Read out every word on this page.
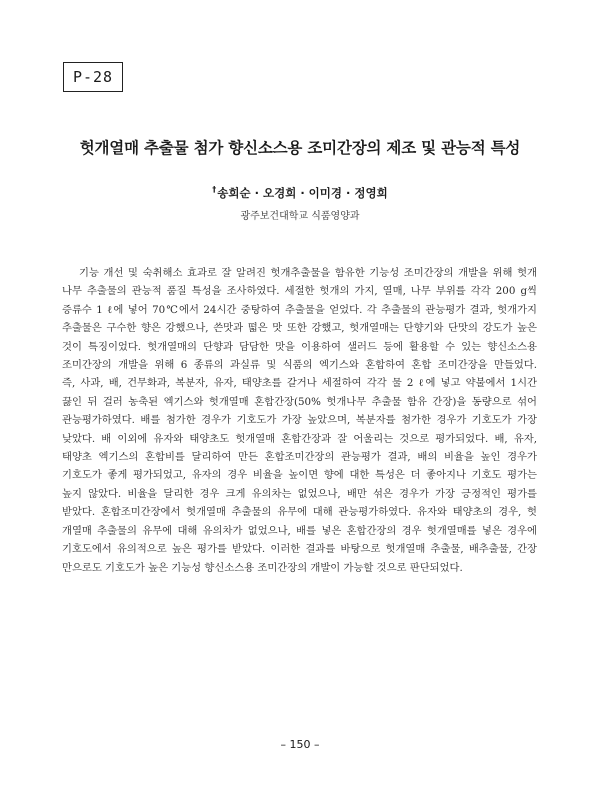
P-28
헛개열매 추출물 첨가 향신소스용 조미간장의 제조 및 관능적 특성
†송희순 · 오경희 · 이미경 · 정영희
광주보건대학교 식품영양과
기능 개선 및 숙취해소 효과로 잘 알려진 헛개추출물을 함유한 기능성 조미간장의 개발을 위해 헛개
나무 추출물의 관능적 품질 특성을 조사하였다. 세절한 헛개의 가지, 열매, 나무 부위를 각각 200 g씩
증류수 1 ℓ에 넣어 70℃에서 24시간 중탕하여 추출물을 얻었다. 각 추출물의 관능평가 결과, 헛개가지
추출물은 구수한 향은 강했으나, 쓴맛과 떫은 맛 또한 강했고, 헛개열매는 단향기와 단맛의 강도가 높은
것이 특징이었다. 헛개열매의 단향과 담담한 맛을 이용하여 샐러드 등에 활용할 수 있는 향신소스용
조미간장의 개발을 위해 6 종류의 과실류 및 식품의 엑기스와 혼합하여 혼합 조미간장을 만들었다.
즉, 사과, 배, 건무화과, 복분자, 유자, 태양초를 갈거나 세절하여 각각 물 2 ℓ에 넣고 약불에서 1시간
끓인 뒤 걸러 농축된 엑기스와 헛개열매 혼합간장(50% 헛개나무 추출물 함유 간장)을 동량으로 섞어
관능평가하였다. 배를 첨가한 경우가 기호도가 가장 높았으며, 복분자를 첨가한 경우가 기호도가 가장
낮았다. 배 이외에 유자와 태양초도 헛개열매 혼합간장과 잘 어울리는 것으로 평가되었다. 배, 유자,
태양초 엑기스의 혼합비를 달리하여 만든 혼합조미간장의 관능평가 결과, 배의 비율을 높인 경우가
기호도가 좋게 평가되었고, 유자의 경우 비율을 높이면 향에 대한 특성은 더 좋아지나 기호도 평가는
높지 않았다. 비율을 달리한 경우 크게 유의차는 없었으나, 배만 섞은 경우가 가장 긍정적인 평가를
받았다. 혼합조미간장에서 헛개열매 추출물의 유무에 대해 관능평가하였다. 유자와 태양초의 경우, 헛
개열매 추출물의 유무에 대해 유의차가 없었으나, 배를 넣은 혼합간장의 경우 헛개열매를 넣은 경우에
기호도에서 유의적으로 높은 평가를 받았다. 이러한 결과를 바탕으로 헛개열매 추출물, 배추출물, 간장
만으로도 기호도가 높은 기능성 향신소스용 조미간장의 개발이 가능할 것으로 판단되었다.
– 150 –
